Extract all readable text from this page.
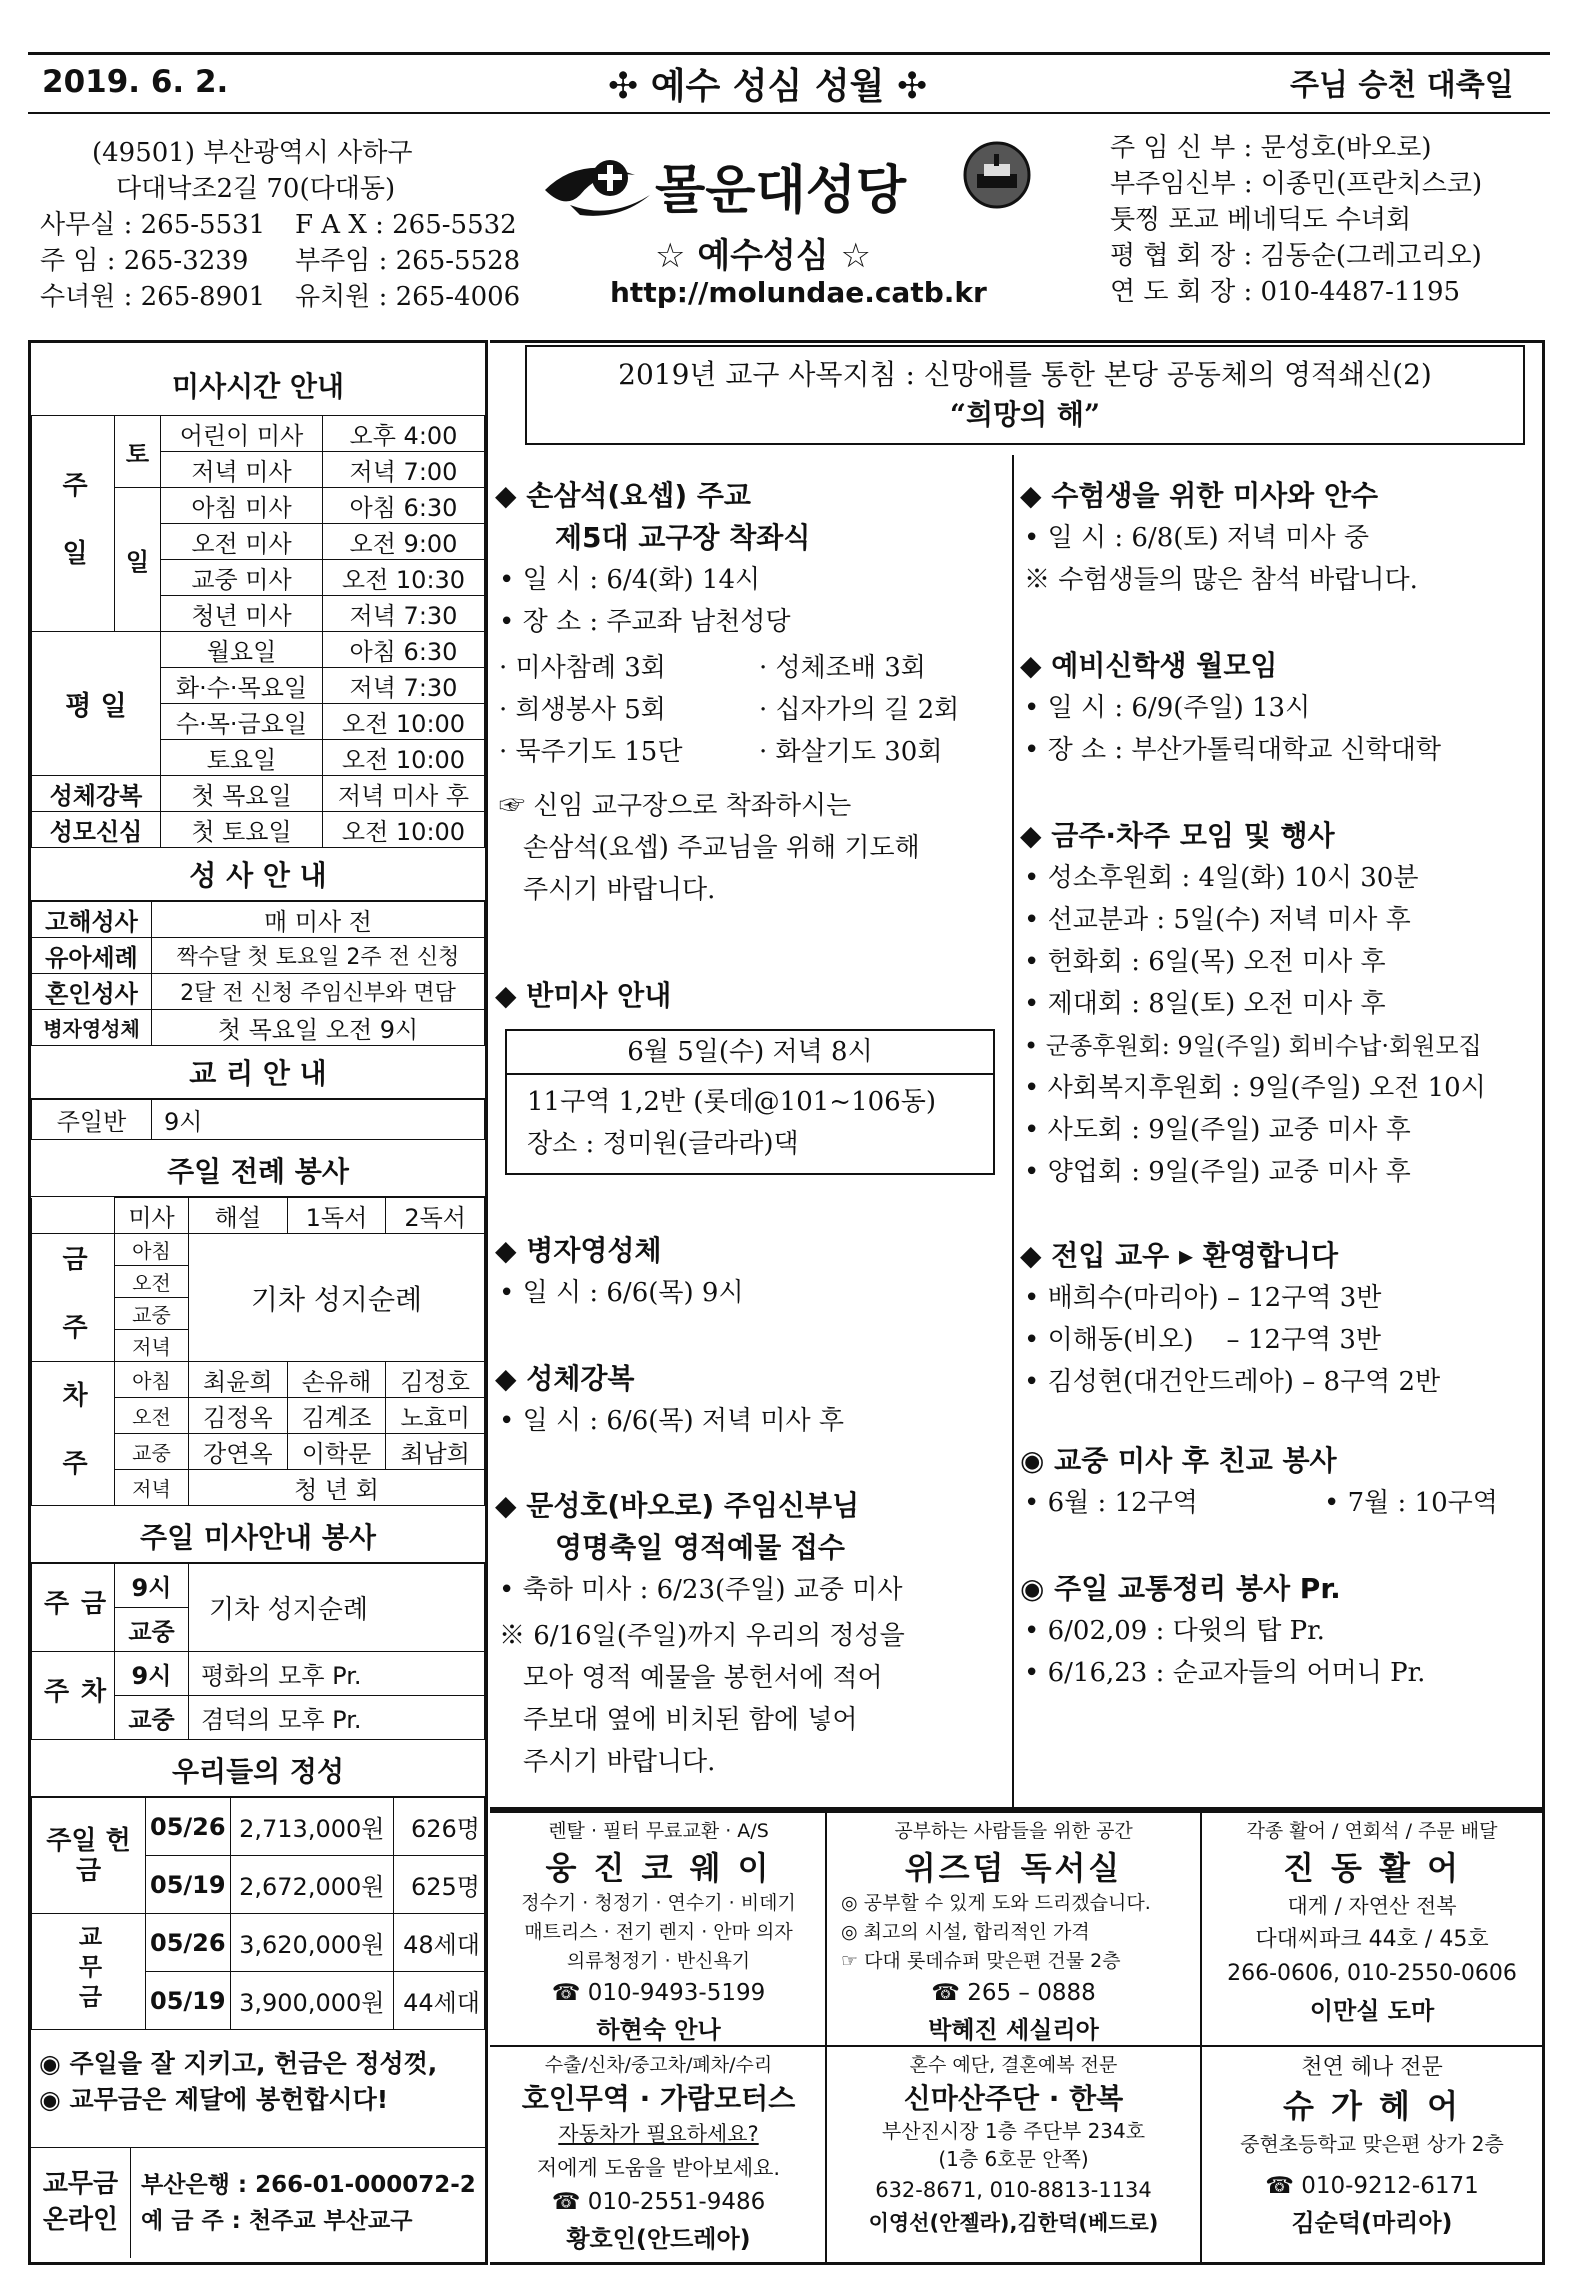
2019. 6. 2.	✣ 예수 성심 성월 ✣	주님 승천 대축일
(49501) 부산광역시 사하구
다대낙조2길 70(다대동)
사무실 : 265-5531	F A X : 265-5532
주 임 : 265-3239	부주임 : 265-5528
수녀원 : 265-8901	유치원 : 265-4006
몰운대성당
☆ 예수성심 ☆
http://molundae.catb.kr
주 임 신 부 : 문성호(바오로)
부주임신부 : 이종민(프란치스코)
툿찡 포교 베네딕도 수녀회
평 협 회 장 : 김동순(그레고리오)
연 도 회 장 : 010-4487-1195
미사시간 안내
주 일	토	어린이 미사	오후 4:00
		저녁 미사	저녁 7:00
	일	아침 미사	아침 6:30
		오전 미사	오전 9:00
		교중 미사	오전 10:30
		청년 미사	저녁 7:30
평 일		월요일	아침 6:30
		화·수·목요일	저녁 7:30
		수·목·금요일	오전 10:00
		토요일	오전 10:00
성체강복		첫 목요일	저녁 미사 후
성모신심		첫 토요일	오전 10:00
성 사 안 내
고해성사	매 미사 전
유아세례	짝수달 첫 토요일 2주 전 신청
혼인성사	2달 전 신청 주임신부와 면담
병자영성체	첫 목요일 오전 9시
교 리 안 내
주일반	9시
주일 전례 봉사
	미사	해설	1독서	2독서
금 주	아침	기차 성지순례		
	오전			
	교중			
	저녁			
차 주	아침	최윤희	손유해	김정호
	오전	김정옥	김계조	노효미
	교중	강연옥	이학문	최남희
	저녁	청 년 회		
주일 미사안내 봉사
금 주	9시	기차 성지순례
	교중	
차 주	9시	평화의 모후 Pr.
	교중	겸덕의 모후 Pr.
우리들의 정성
주일 헌금	05/26	2,713,000원	626명
	05/19	2,672,000원	625명
교무금	05/26	3,620,000원	48세대
	05/19	3,900,000원	44세대
◉ 주일을 잘 지키고, 헌금은 정성껏,
◉ 교무금은 제달에 봉헌합시다!
교무금
온라인
부산은행 : 266-01-000072-2
예 금 주 : 천주교 부산교구
2019년 교구 사목지침 : 신망애를 통한 본당 공동체의 영적쇄신(2)
“희망의 해”
◆ 손삼석(요셉) 주교
제5대 교구장 착좌식
• 일 시 : 6/4(화) 14시
• 장 소 : 주교좌 남천성당
· 미사참례 3회	· 성체조배 3회
· 희생봉사 5회	· 십자가의 길 2회
· 묵주기도 15단	· 화살기도 30회
☞ 신임 교구장으로 착좌하시는
손삼석(요셉) 주교님을 위해 기도해
주시기 바랍니다.
◆ 반미사 안내
6월 5일(수) 저녁 8시
11구역 1,2반 (롯데@101~106동)
장소 : 정미원(글라라)댁
◆ 병자영성체
• 일 시 : 6/6(목) 9시
◆ 성체강복
• 일 시 : 6/6(목) 저녁 미사 후
◆ 문성호(바오로) 주임신부님
영명축일 영적예물 접수
• 축하 미사 : 6/23(주일) 교중 미사
※ 6/16일(주일)까지 우리의 정성을
모아 영적 예물을 봉헌서에 적어
주보대 옆에 비치된 함에 넣어
주시기 바랍니다.
◆ 수험생을 위한 미사와 안수
• 일 시 : 6/8(토) 저녁 미사 중
※ 수험생들의 많은 참석 바랍니다.
◆ 예비신학생 월모임
• 일 시 : 6/9(주일) 13시
• 장 소 : 부산가톨릭대학교 신학대학
◆ 금주·차주 모임 및 행사
• 성소후원회 : 4일(화) 10시 30분
• 선교분과 : 5일(수) 저녁 미사 후
• 헌화회 : 6일(목) 오전 미사 후
• 제대회 : 8일(토) 오전 미사 후
• 군종후원회: 9일(주일) 회비수납·회원모집
• 사회복지후원회 : 9일(주일) 오전 10시
• 사도회 : 9일(주일) 교중 미사 후
• 양업회 : 9일(주일) 교중 미사 후
◆ 전입 교우 ▸ 환영합니다
• 배희수(마리아) – 12구역 3반
• 이해동(비오)    – 12구역 3반
• 김성현(대건안드레아) – 8구역 2반
◉ 교중 미사 후 친교 봉사
• 6월 : 12구역	• 7월 : 10구역
◉ 주일 교통정리 봉사 Pr.
• 6/02,09 : 다윗의 탑 Pr.
• 6/16,23 : 순교자들의 어머니 Pr.
렌탈 · 필터 무료교환 · A/S
웅 진 코 웨 이
정수기 · 청정기 · 연수기 · 비데기
매트리스 · 전기 렌지 · 안마 의자
의류청정기 · 반신욕기
☎ 010-9493-5199
하현숙 안나
공부하는 사람들을 위한 공간
위즈덤 독서실
◎ 공부할 수 있게 도와 드리겠습니다.
◎ 최고의 시설, 합리적인 가격
☞ 다대 롯데슈퍼 맞은편 건물 2층
☎ 265 – 0888
박혜진 세실리아
각종 활어 / 연회석 / 주문 배달
진 동 활 어
대게 / 자연산 전복
다대씨파크 44호 / 45호
266-0606, 010-2550-0606
이만실 도마
수출/신차/중고차/폐차/수리
호인무역 · 가람모터스
자동차가 필요하세요?
저에게 도움을 받아보세요.
☎ 010-2551-9486
황호인(안드레아)
혼수 예단, 결혼예복 전문
신마산주단 · 한복
부산진시장 1층 주단부 234호
(1층 6호문 안쪽)
632-8671, 010-8813-1134
이영선(안젤라),김한덕(베드로)
천연 헤나 전문
슈 가 헤 어
중현초등학교 맞은편 상가 2층
☎ 010-9212-6171
김순덕(마리아)
